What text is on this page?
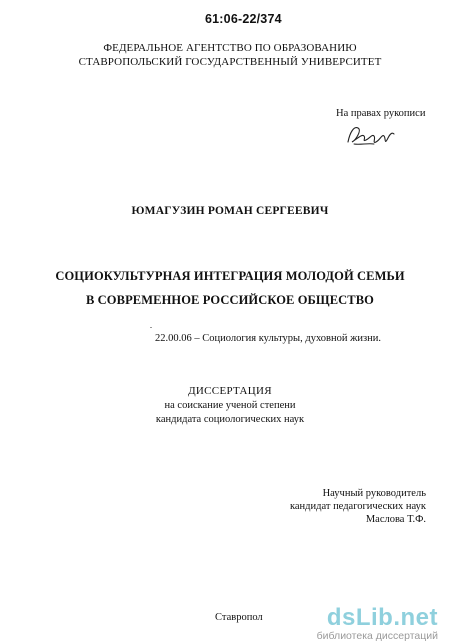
61:06-22/374
ФЕДЕРАЛЬНОЕ АГЕНТСТВО ПО ОБРАЗОВАНИЮ
СТАВРОПОЛЬСКИЙ ГОСУДАРСТВЕННЫЙ УНИВЕРСИТЕТ
На правах рукописи
ЮМАГУЗИН РОМАН СЕРГЕЕВИЧ
СОЦИОКУЛЬТУРНАЯ ИНТЕГРАЦИЯ МОЛОДОЙ СЕМЬИ
В СОВРЕМЕННОЕ РОССИЙСКОЕ ОБЩЕСТВО
22.00.06 – Социология культуры, духовной жизни.
ДИССЕРТАЦИЯ
на соискание ученой степени
кандидата социологических наук
Научный руководитель
кандидат педагогических наук
Маслова Т.Ф.
Ставропол	dsLib.net
библиотека диссертаций
